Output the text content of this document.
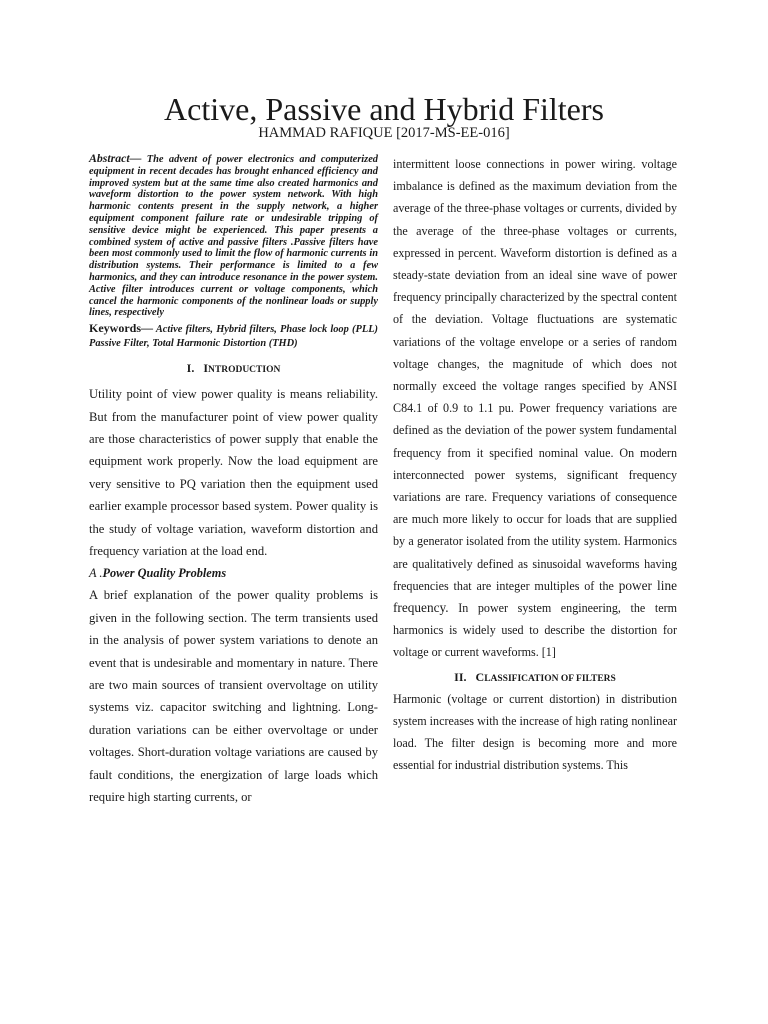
Active, Passive and Hybrid Filters
HAMMAD RAFIQUE [2017-MS-EE-016]

Abstract— The advent of power electronics and computerized equipment in recent decades has brought enhanced efficiency and improved system but at the same time also created harmonics and waveform distortion to the power system network. With high harmonic contents present in the supply network, a higher equipment component failure rate or undesirable tripping of sensitive device might be experienced. This paper presents a combined system of active and passive filters .Passive filters have been most commonly used to limit the flow of harmonic currents in distribution systems. Their performance is limited to a few harmonics, and they can introduce resonance in the power system. Active filter introduces current or voltage components, which cancel the harmonic components of the nonlinear loads or supply lines, respectively

Keywords— Active filters, Hybrid filters, Phase lock loop (PLL) Passive Filter, Total Harmonic Distortion (THD)

I. INTRODUCTION

Utility point of view power quality is means reliability. But from the manufacturer point of view power quality are those characteristics of power supply that enable the equipment work properly. Now the load equipment are very sensitive to PQ variation then the equipment used earlier example processor based system. Power quality is the study of voltage variation, waveform distortion and frequency variation at the load end.

A .Power Quality Problems

A brief explanation of the power quality problems is given in the following section. The term transients used in the analysis of power system variations to denote an event that is undesirable and momentary in nature. There are two main sources of transient overvoltage on utility systems viz. capacitor switching and lightning. Long-duration variations can be either overvoltage or under voltages. Short-duration voltage variations are caused by fault conditions, the energization of large loads which require high starting currents, or

intermittent loose connections in power wiring. voltage imbalance is defined as the maximum deviation from the average of the three-phase voltages or currents, divided by the average of the three-phase voltages or currents, expressed in percent. Waveform distortion is defined as a steady-state deviation from an ideal sine wave of power frequency principally characterized by the spectral content of the deviation. Voltage fluctuations are systematic variations of the voltage envelope or a series of random voltage changes, the magnitude of which does not normally exceed the voltage ranges specified by ANSI C84.1 of 0.9 to 1.1 pu. Power frequency variations are defined as the deviation of the power system fundamental frequency from it specified nominal value. On modern interconnected power systems, significant frequency variations are rare. Frequency variations of consequence are much more likely to occur for loads that are supplied by a generator isolated from the utility system. Harmonics are qualitatively defined as sinusoidal waveforms having frequencies that are integer multiples of the power line frequency. In power system engineering, the term harmonics is widely used to describe the distortion for voltage or current waveforms. [1]

II. CLASSIFICATION OF FILTERS

Harmonic (voltage or current distortion) in distribution system increases with the increase of high rating nonlinear load. The filter design is becoming more and more essential for industrial distribution systems. This
